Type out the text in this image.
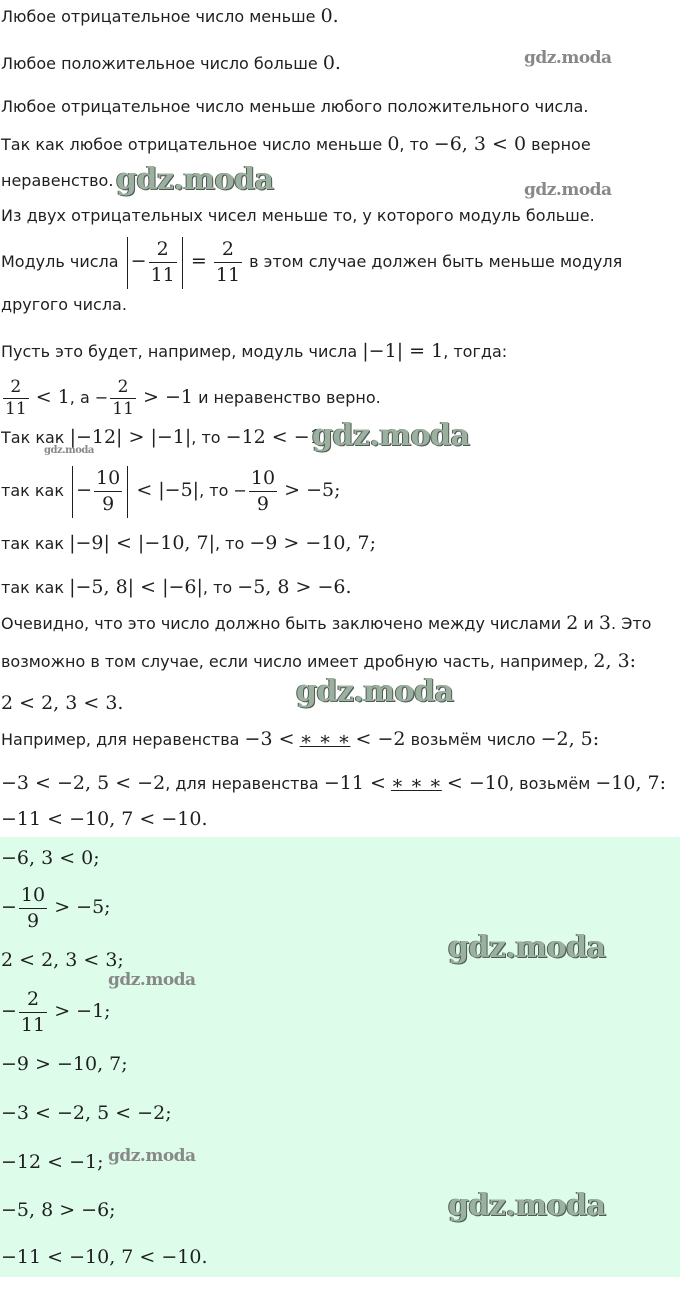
Любое отрицательное число меньше 0.
Любое положительное число больше 0.
Любое отрицательное число меньше любого положительного числа.
Так как любое отрицательное число меньше 0, то −6, 3 < 0 верное
неравенство.
Из двух отрицательных чисел меньше то, у которого модуль больше.
Модуль числа − $\frac{2}{11} = \frac{2}{11}$ в этом случае должен быть меньше модуля
другого числа.
Пусть это будет, например, модуль числа |−1| = 1, тогда:
$\frac{2}{11} < 1$, $а - \frac{2}{11} > -1$ и неравенство верно.
Так как |−12| > |−1|, то −12 < −1;
так как − $\frac{10}{9} < |-5|$, то − $\frac{10}{9} > -5$;
так как |−9| < |−10, 7|, то −9 > −10, 7;
так как |−5, 8| < |−6|, то −5, 8 > −6.
Очевидно, что это число должно быть заключено между числами 2 и 3. Это
возможно в том случае, если число имеет дробную часть, например, 2, 3:
2 < 2, 3 < 3.
Например, для неравенства −3 < ∗ ∗ ∗ < −2 возьмём число −2, 5:
−3 < −2, 5 < −2, для неравенства −11 < ∗ ∗ ∗ < −10, возьмём −10, 7:
−11 < −10, 7 < −10.
−6, 3 < 0;
− $\frac{10}{9} > -5$;
2 < 2, 3 < 3;
− $\frac{2}{11} > -1$;
−9 > −10, 7;
−3 < −2, 5 < −2;
−12 < −1;
−5, 8 > −6;
−11 < −10, 7 < −10.
gdz.moda
gdz.moda	gdz.moda
gdz.moda
gdz.moda
gdz.moda
gdz.moda
gdz.moda
gdz.moda
gdz.moda
